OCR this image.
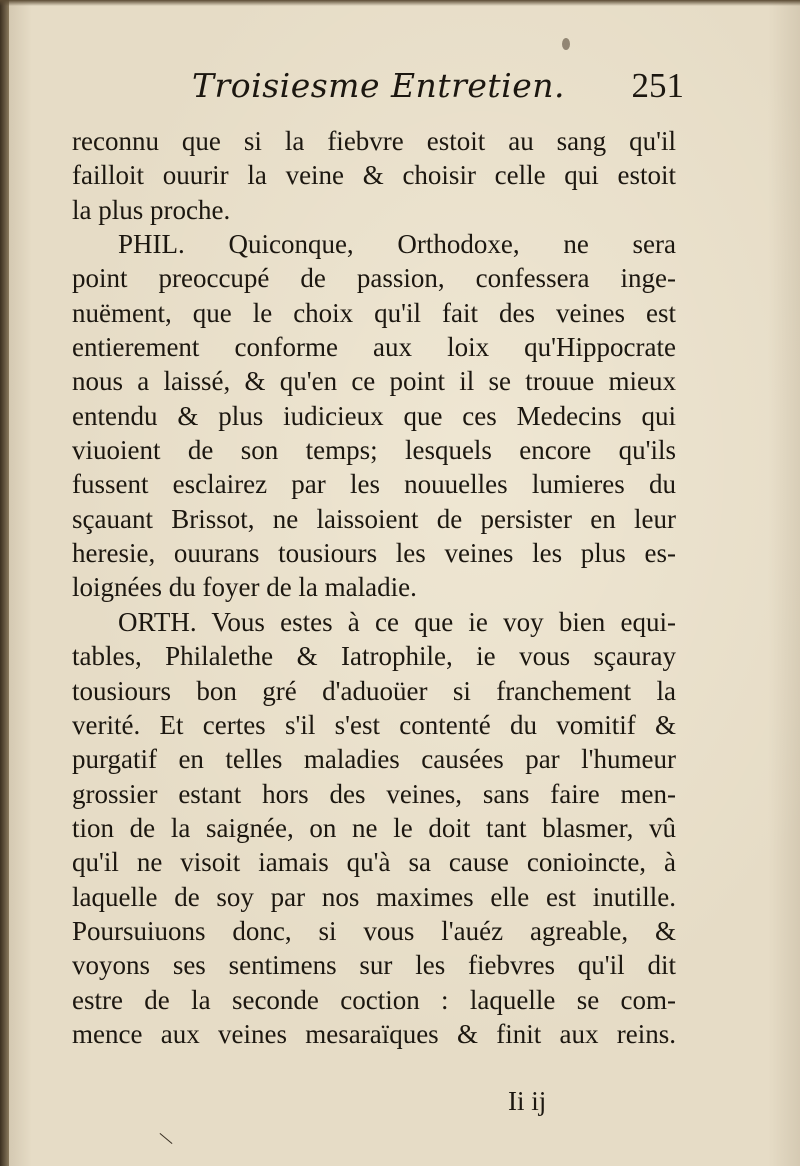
Troisiesme Entretien. 251
reconnu que si la fiebvre estoit au sang qu'il
failloit ouurir la veine & choisir celle qui estoit
la plus proche.
PHIL. Quiconque, Orthodoxe, ne sera
point preoccupé de passion, confessera inge-
nuëment, que le choix qu'il fait des veines est
entierement conforme aux loix qu'Hippocrate
nous a laissé, & qu'en ce point il se trouue mieux
entendu & plus iudicieux que ces Medecins qui
viuoient de son temps; lesquels encore qu'ils
fussent esclairez par les nouuelles lumieres du
sçauant Brissot, ne laissoient de persister en leur
heresie, ouurans tousiours les veines les plus es-
loignées du foyer de la maladie.
ORTH. Vous estes à ce que ie voy bien equi-
tables, Philalethe & Iatrophile, ie vous sçauray
tousiours bon gré d'aduoüer si franchement la
verité. Et certes s'il s'est contenté du vomitif &
purgatif en telles maladies causées par l'humeur
grossier estant hors des veines, sans faire men-
tion de la saignée, on ne le doit tant blasmer, vû
qu'il ne visoit iamais qu'à sa cause conioincte, à
laquelle de soy par nos maximes elle est inutille.
Poursuiuons donc, si vous l'auéz agreable, &
voyons ses sentimens sur les fiebvres qu'il dit
estre de la seconde coction : laquelle se com-
mence aux veines mesaraïques & finit aux reins.
Ii ij
